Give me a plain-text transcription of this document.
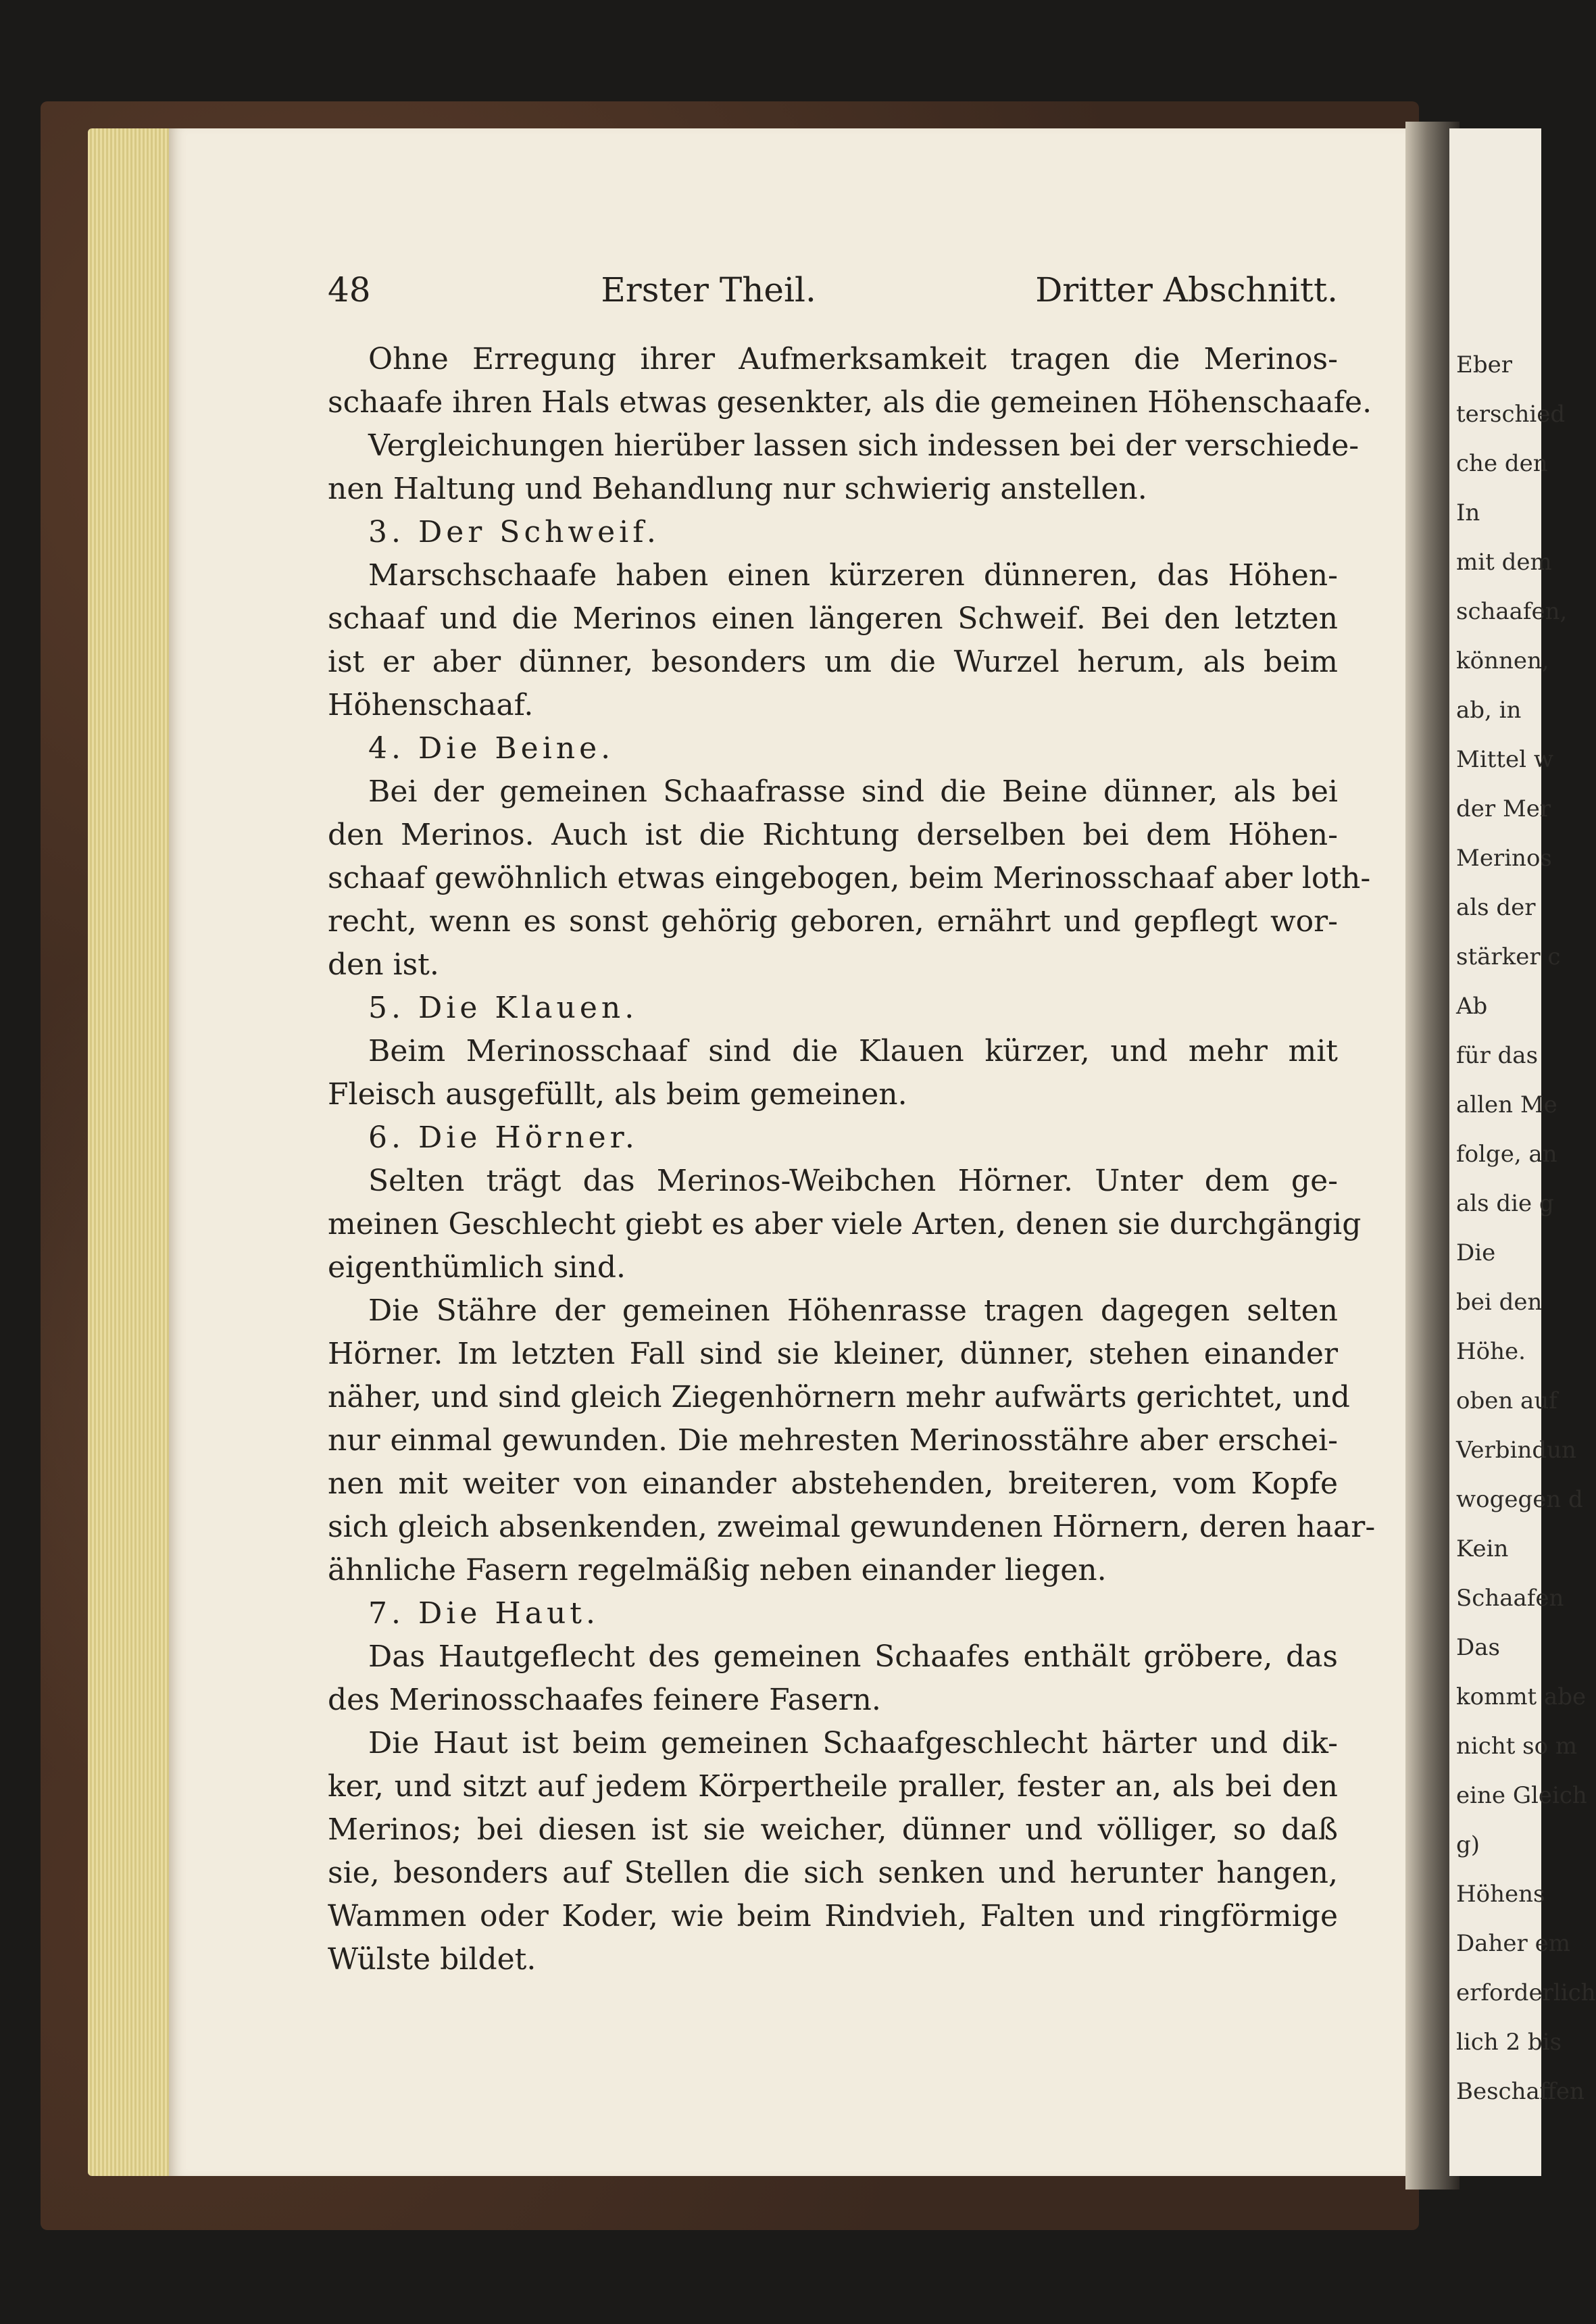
Eber
terschied
che den
In
mit dem
schaafen,
können,
ab, in
Mittel w
der Mer
Merinos
als der
stärker c
Ab
für das
allen Me
folge, an
als die g
Die
bei den
Höhe.
oben auf
Verbindun
wogegen d
Kein
Schaafen
Das
kommt abe
nicht so m
eine Gleich
g)
Höhens
Daher em
erforderlich
lich 2 bis
Beschaffen
48	Erster Theil.	Dritter Abschnitt.
Ohne Erregung ihrer Aufmerksamkeit tragen die Merinos-
schaafe ihren Hals etwas gesenkter, als die gemeinen Höhenschaafe.
Vergleichungen hierüber lassen sich indessen bei der verschiede-
nen Haltung und Behandlung nur schwierig anstellen.
3. Der Schweif.
Marschschaafe haben einen kürzeren dünneren, das Höhen-
schaaf und die Merinos einen längeren Schweif. Bei den letzten
ist er aber dünner, besonders um die Wurzel herum, als beim
Höhenschaaf.
4. Die Beine.
Bei der gemeinen Schaafrasse sind die Beine dünner, als bei
den Merinos. Auch ist die Richtung derselben bei dem Höhen-
schaaf gewöhnlich etwas eingebogen, beim Merinosschaaf aber loth-
recht, wenn es sonst gehörig geboren, ernährt und gepflegt wor-
den ist.
5. Die Klauen.
Beim Merinosschaaf sind die Klauen kürzer, und mehr mit
Fleisch ausgefüllt, als beim gemeinen.
6. Die Hörner.
Selten trägt das Merinos-Weibchen Hörner. Unter dem ge-
meinen Geschlecht giebt es aber viele Arten, denen sie durchgängig
eigenthümlich sind.
Die Stähre der gemeinen Höhenrasse tragen dagegen selten
Hörner. Im letzten Fall sind sie kleiner, dünner, stehen einander
näher, und sind gleich Ziegenhörnern mehr aufwärts gerichtet, und
nur einmal gewunden. Die mehresten Merinosstähre aber erschei-
nen mit weiter von einander abstehenden, breiteren, vom Kopfe
sich gleich absenkenden, zweimal gewundenen Hörnern, deren haar-
ähnliche Fasern regelmäßig neben einander liegen.
7. Die Haut.
Das Hautgeflecht des gemeinen Schaafes enthält gröbere, das
des Merinosschaafes feinere Fasern.
Die Haut ist beim gemeinen Schaafgeschlecht härter und dik-
ker, und sitzt auf jedem Körpertheile praller, fester an, als bei den
Merinos; bei diesen ist sie weicher, dünner und völliger, so daß
sie, besonders auf Stellen die sich senken und herunter hangen,
Wammen oder Koder, wie beim Rindvieh, Falten und ringförmige
Wülste bildet.
